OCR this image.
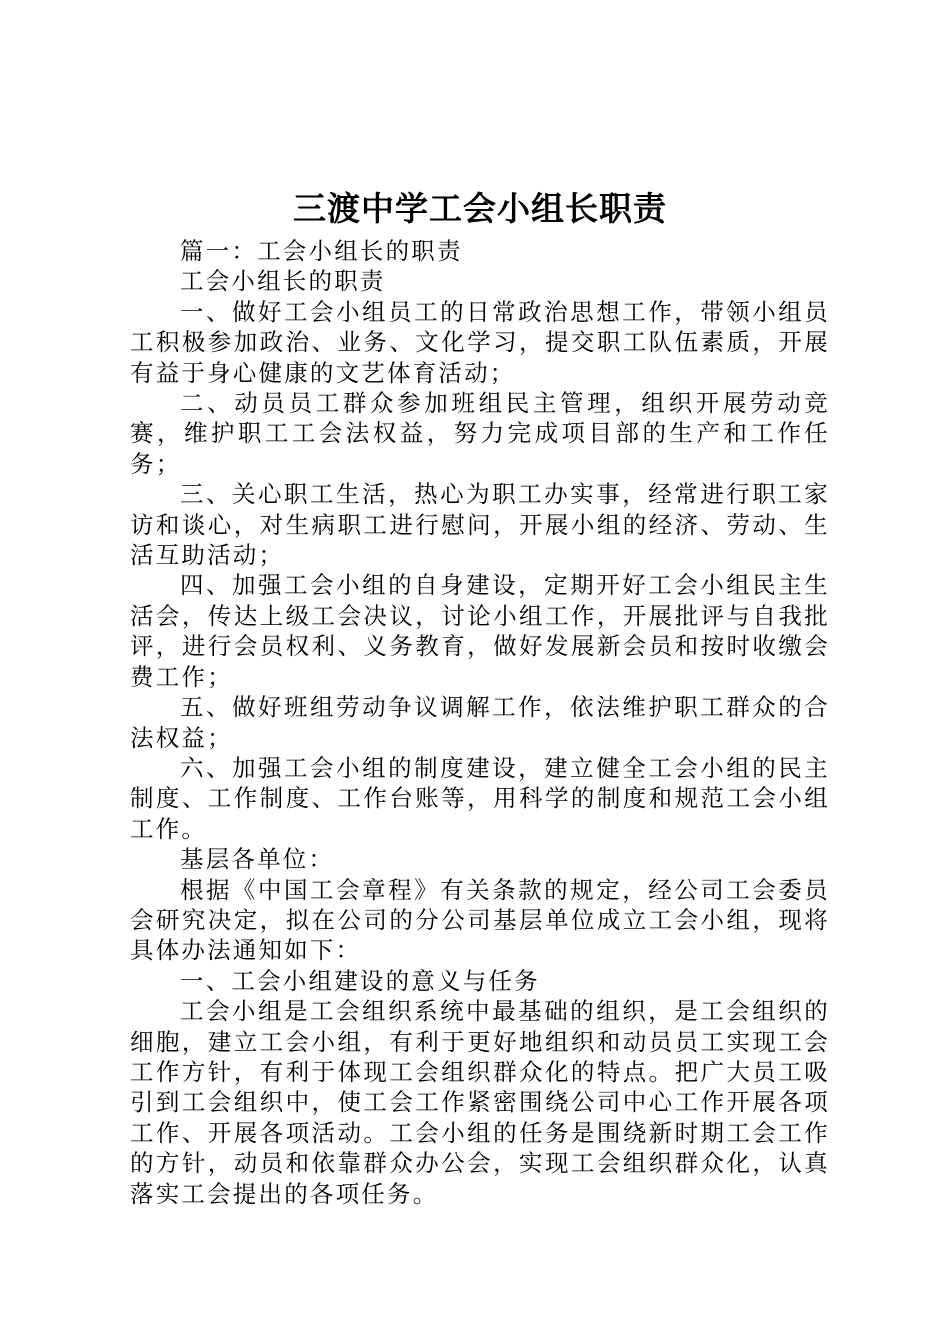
三渡中学工会小组长职责

篇一：工会小组长的职责

工会小组长的职责

一、做好工会小组员工的日常政治思想工作，带领小组员工积极参加政治、业务、文化学习，提交职工队伍素质，开展有益于身心健康的文艺体育活动；

二、动员员工群众参加班组民主管理，组织开展劳动竞赛，维护职工工会法权益，努力完成项目部的生产和工作任务；

三、关心职工生活，热心为职工办实事，经常进行职工家访和谈心，对生病职工进行慰问，开展小组的经济、劳动、生活互助活动；

四、加强工会小组的自身建设，定期开好工会小组民主生活会，传达上级工会决议，讨论小组工作，开展批评与自我批评，进行会员权利、义务教育，做好发展新会员和按时收缴会费工作；

五、做好班组劳动争议调解工作，依法维护职工群众的合法权益；

六、加强工会小组的制度建设，建立健全工会小组的民主制度、工作制度、工作台账等，用科学的制度和规范工会小组工作。

基层各单位：

根据《中国工会章程》有关条款的规定，经公司工会委员会研究决定，拟在公司的分公司基层单位成立工会小组，现将具体办法通知如下：

一、工会小组建设的意义与任务

工会小组是工会组织系统中最基础的组织，是工会组织的细胞，建立工会小组，有利于更好地组织和动员员工实现工会工作方针，有利于体现工会组织群众化的特点。把广大员工吸引到工会组织中，使工会工作紧密围绕公司中心工作开展各项工作、开展各项活动。工会小组的任务是围绕新时期工会工作的方针，动员和依靠群众办公会，实现工会组织群众化，认真落实工会提出的各项任务。
